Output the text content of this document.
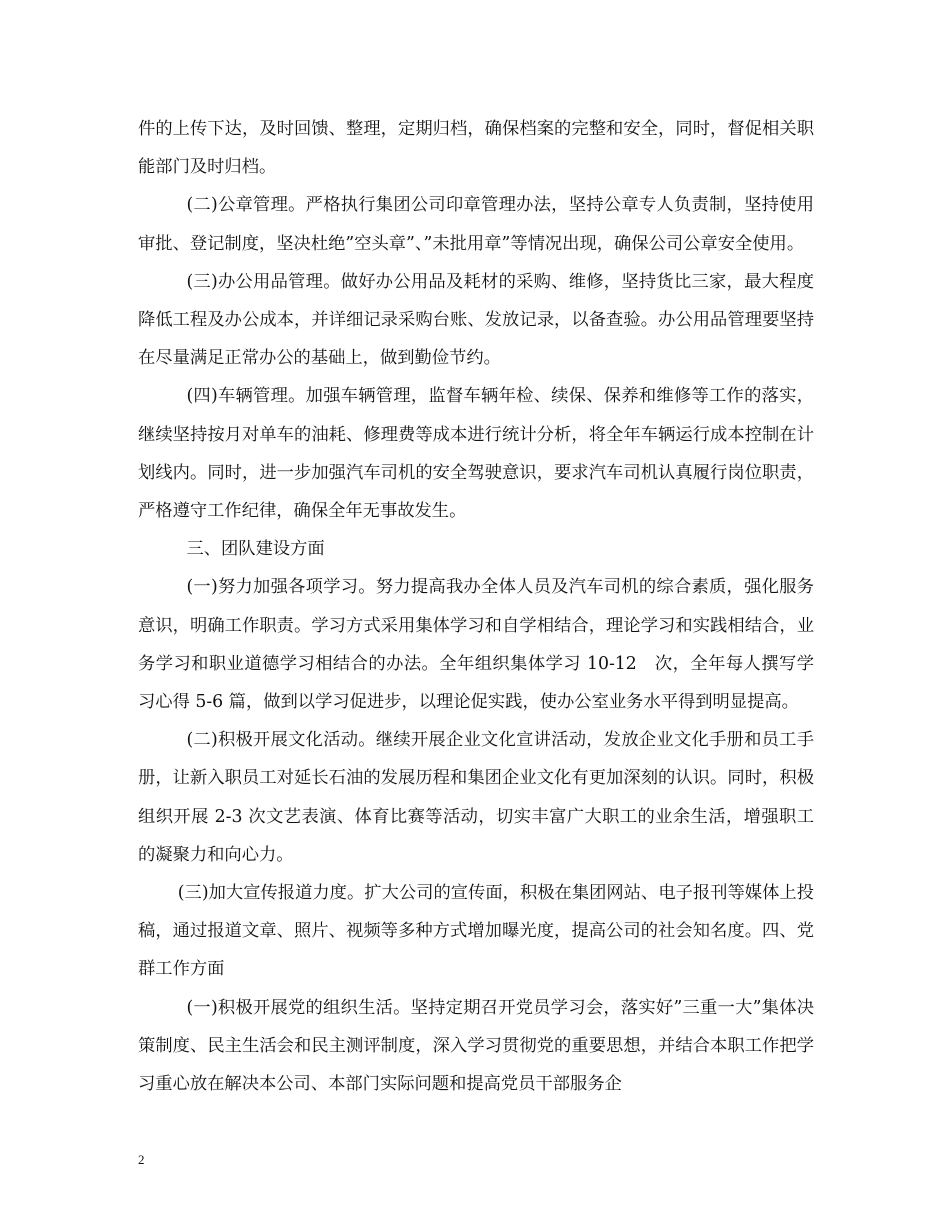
件的上传下达，及时回馈、整理，定期归档，确保档案的完整和安全，同时，督促相关职能部门及时归档。

(二)公章管理。严格执行集团公司印章管理办法，坚持公章专人负责制，坚持使用审批、登记制度，坚决杜绝”空头章”、”未批用章”等情况出现，确保公司公章安全使用。

(三)办公用品管理。做好办公用品及耗材的采购、维修，坚持货比三家，最大程度降低工程及办公成本，并详细记录采购台账、发放记录，以备查验。办公用品管理要坚持在尽量满足正常办公的基础上，做到勤俭节约。

(四)车辆管理。加强车辆管理，监督车辆年检、续保、保养和维修等工作的落实，继续坚持按月对单车的油耗、修理费等成本进行统计分析，将全年车辆运行成本控制在计划线内。同时，进一步加强汽车司机的安全驾驶意识，要求汽车司机认真履行岗位职责，严格遵守工作纪律，确保全年无事故发生。

三、团队建设方面

(一)努力加强各项学习。努力提高我办全体人员及汽车司机的综合素质，强化服务意识，明确工作职责。学习方式采用集体学习和自学相结合，理论学习和实践相结合，业务学习和职业道德学习相结合的办法。全年组织集体学习 10-12　次，全年每人撰写学习心得 5-6 篇，做到以学习促进步，以理论促实践，使办公室业务水平得到明显提高。

(二)积极开展文化活动。继续开展企业文化宣讲活动，发放企业文化手册和员工手册，让新入职员工对延长石油的发展历程和集团企业文化有更加深刻的认识。同时，积极组织开展 2-3 次文艺表演、体育比赛等活动，切实丰富广大职工的业余生活，增强职工的凝聚力和向心力。

(三)加大宣传报道力度。扩大公司的宣传面，积极在集团网站、电子报刊等媒体上投稿，通过报道文章、照片、视频等多种方式增加曝光度，提高公司的社会知名度。四、党群工作方面

(一)积极开展党的组织生活。坚持定期召开党员学习会，落实好”三重一大”集体决策制度、民主生活会和民主测评制度，深入学习贯彻党的重要思想，并结合本职工作把学习重心放在解决本公司、本部门实际问题和提高党员干部服务企

2
